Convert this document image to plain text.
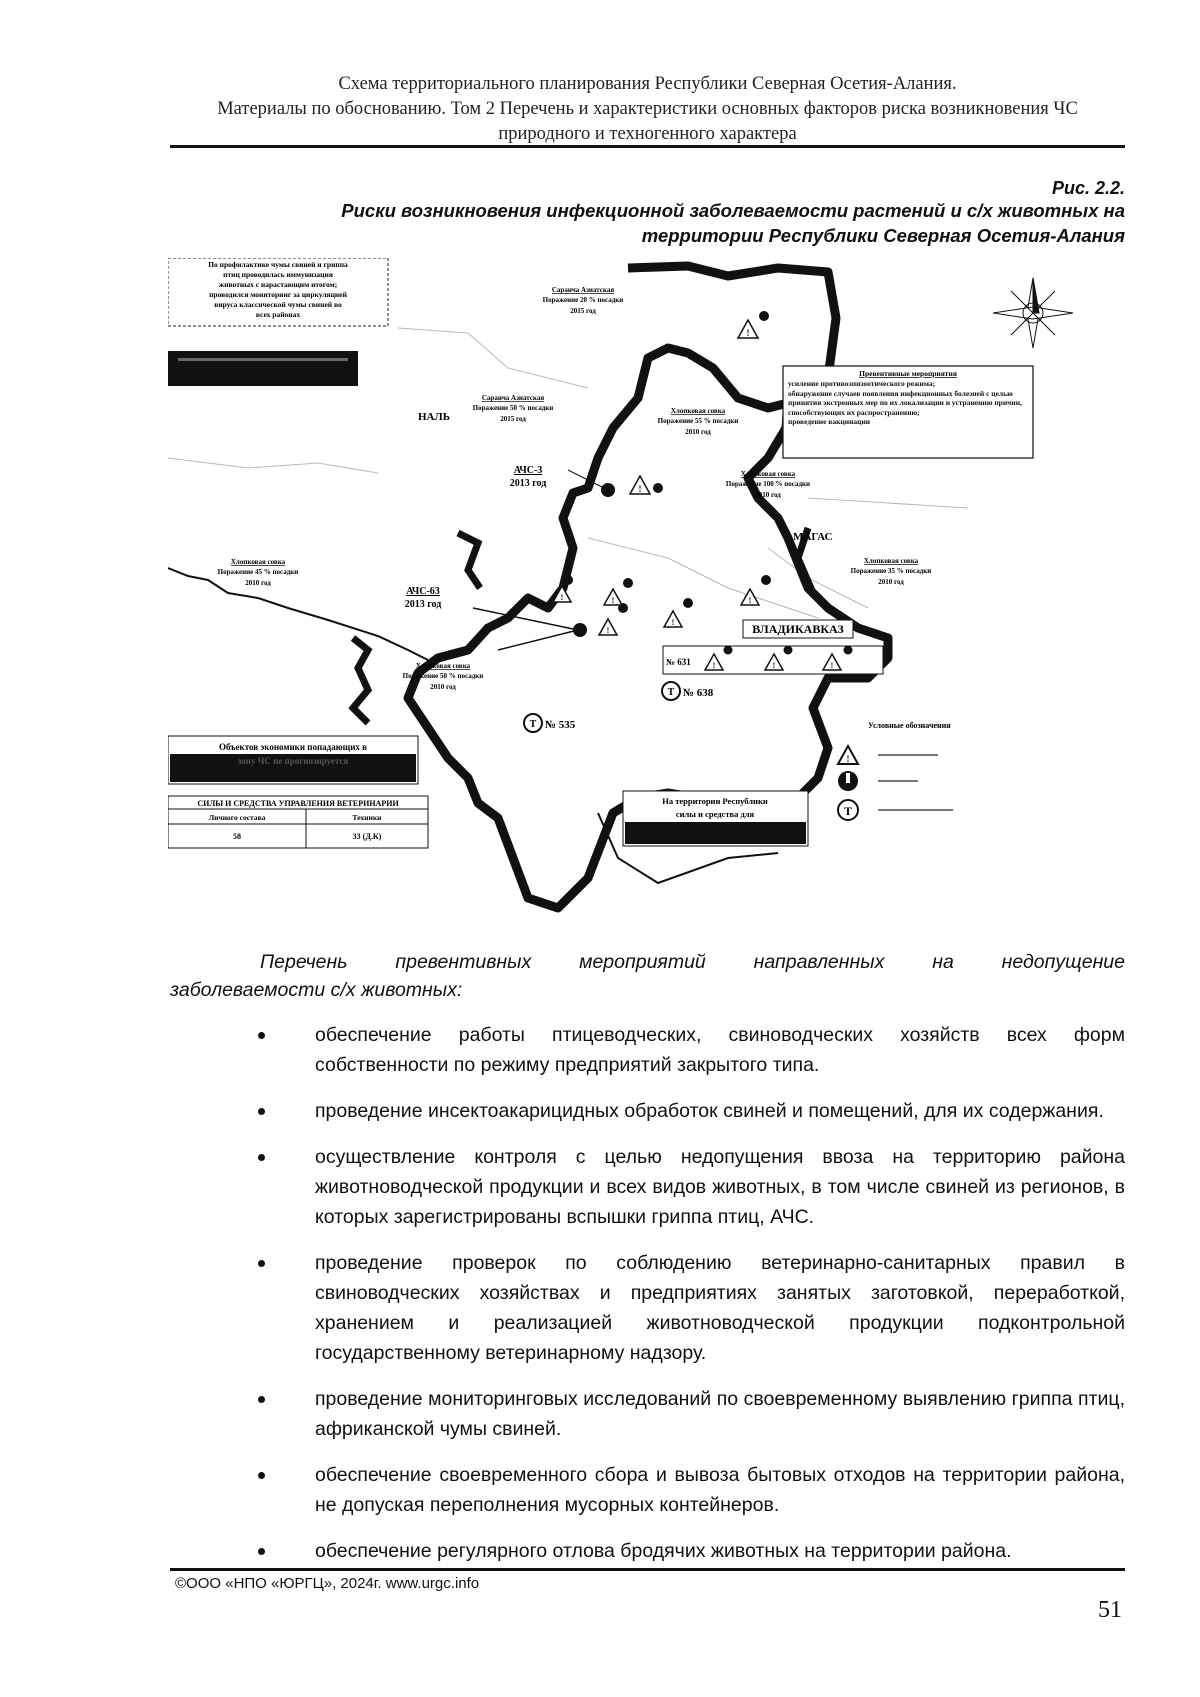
Схема территориального планирования Республики Северная Осетия-Алания.
Материалы по обоснованию. Том 2 Перечень и характеристики основных факторов риска возникновения ЧС
природного и техногенного характера
Рис. 2.2.
Риски возникновения инфекционной заболеваемости растений и с/х животных на
территории Республики Северная Осетия-Алания
По профилактике чумы свиней и гриппа
птиц проводилась иммунизация
животных с нарастающим итогом;
проводился мониторинг за циркуляцией
вируса классической чумы свиней во
всех районах
Саранча Азиатская
Поражение 20 % посадки
2015 год
!
Саранча Азиатская
Поражение 50 % посадки
2015 год
НАЛЬ	Хлопковая совка
Поражение 55 % посадки
2010 год
Превентивные мероприятия
усиление противоэпизоотического режима;
обнаружение случаев появления инфекционных болезней с целью принятия экстренных мер по их локализации и устранению причин, способствующих их распространению;
проведение вакцинации
АЧС-3
2013 год
Хлопковая совка
Поражение 100 % посадки
2010 год
!
МАГАС
Хлопковая совка
Поражение 45 % посадки
2010 год
Хлопковая совка
Поражение 35 % посадки
2010 год
АЧС-63
2013 год
!	!
!
!
!
ВЛАДИКАВКАЗ
!	!	!
№ 631
Хлопковая совка
Поражение 50 % посадки
2010 год	T № 638
T № 535
Объектов экономики попадающих в
зону ЧС не прогнозируется
СИЛЫ И СРЕДСТВА УПРАВЛЕНИЯ ВЕТЕРИНАРИИ
Личного состава	Техники
58	33 (Д.К)
На территории Республики
силы и средства для
Условные обозначения
!
T
Перечень превентивных мероприятий направленных на недопущение
заболеваемости с/х животных:
обеспечение работы птицеводческих, свиноводческих хозяйств всех форм собственности по режиму предприятий закрытого типа.
проведение инсектоакарицидных обработок свиней и помещений, для их содержания.
осуществление контроля с целью недопущения ввоза на территорию района животноводческой продукции и всех видов животных, в том числе свиней из регионов, в которых зарегистрированы вспышки гриппа птиц, АЧС.
проведение проверок по соблюдению ветеринарно-санитарных правил в свиноводческих хозяйствах и предприятиях занятых заготовкой, переработкой, хранением и реализацией животноводческой продукции подконтрольной государственному ветеринарному надзору.
проведение мониторинговых исследований по своевременному выявлению гриппа птиц, африканской чумы свиней.
обеспечение своевременного сбора и вывоза бытовых отходов на территории района, не допуская переполнения мусорных контейнеров.
обеспечение регулярного отлова бродячих животных на территории района.
©ООО «НПО «ЮРГЦ», 2024г. www.urgc.info
51
